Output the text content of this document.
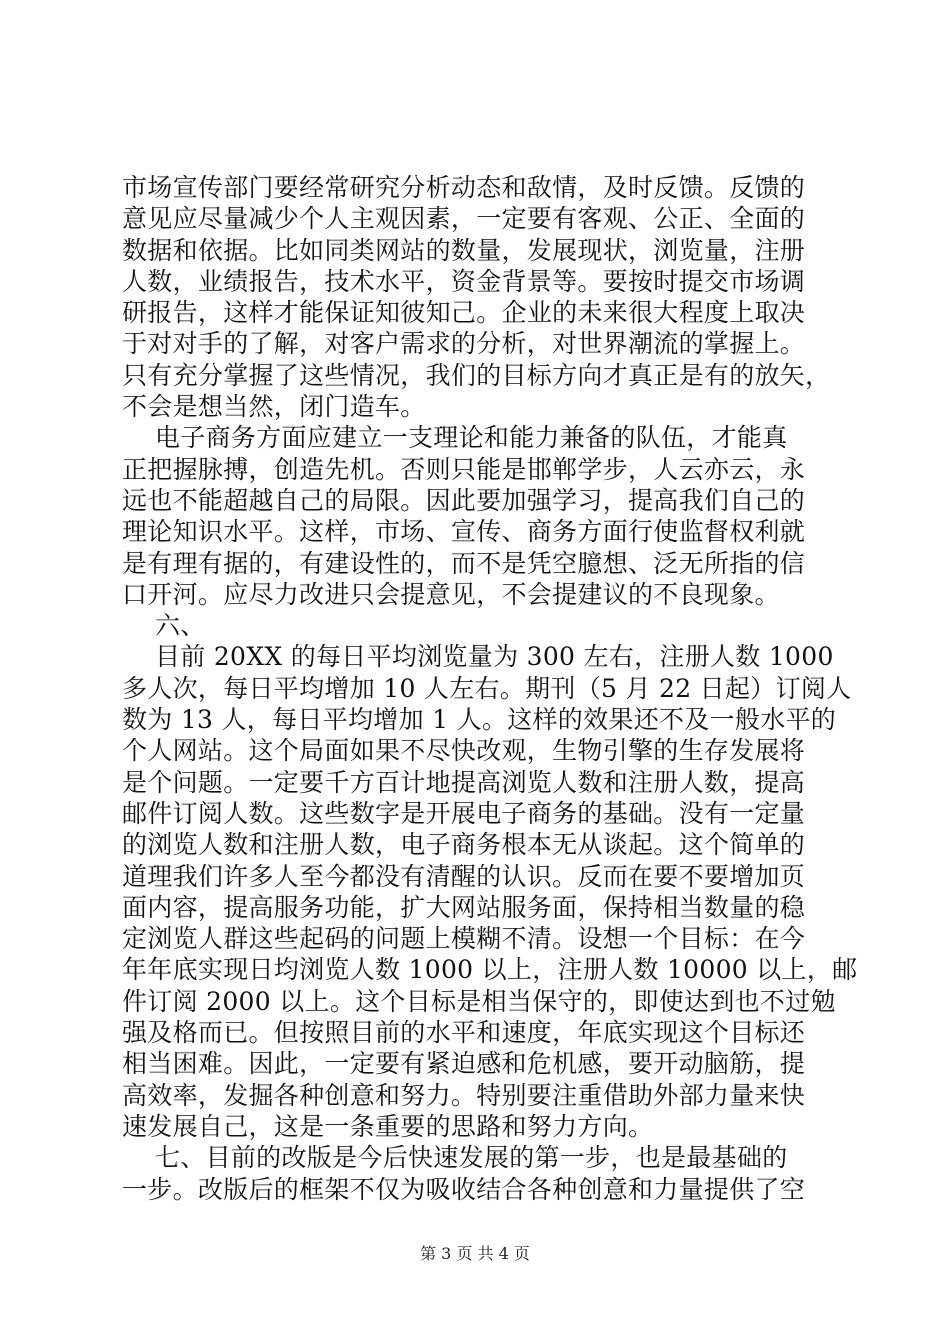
市场宣传部门要经常研究分析动态和敌情，及时反馈。反馈的
意见应尽量减少个人主观因素，一定要有客观、公正、全面的
数据和依据。比如同类网站的数量，发展现状，浏览量，注册
人数，业绩报告，技术水平，资金背景等。要按时提交市场调
研报告，这样才能保证知彼知己。企业的未来很大程度上取决
于对对手的了解，对客户需求的分析，对世界潮流的掌握上。
只有充分掌握了这些情况，我们的目标方向才真正是有的放矢，
不会是想当然，闭门造车。
电子商务方面应建立一支理论和能力兼备的队伍，才能真
正把握脉搏，创造先机。否则只能是邯郸学步，人云亦云，永
远也不能超越自己的局限。因此要加强学习，提高我们自己的
理论知识水平。这样，市场、宣传、商务方面行使监督权利就
是有理有据的，有建设性的，而不是凭空臆想、泛无所指的信
口开河。应尽力改进只会提意见，不会提建议的不良现象。
六、
目前 20XX 的每日平均浏览量为 300 左右，注册人数 1000
多人次，每日平均增加 10 人左右。期刊（5 月 22 日起）订阅人
数为 13 人，每日平均增加 1 人。这样的效果还不及一般水平的
个人网站。这个局面如果不尽快改观，生物引擎的生存发展将
是个问题。一定要千方百计地提高浏览人数和注册人数，提高
邮件订阅人数。这些数字是开展电子商务的基础。没有一定量
的浏览人数和注册人数，电子商务根本无从谈起。这个简单的
道理我们许多人至今都没有清醒的认识。反而在要不要增加页
面内容，提高服务功能，扩大网站服务面，保持相当数量的稳
定浏览人群这些起码的问题上模糊不清。设想一个目标：在今
年年底实现日均浏览人数 1000 以上，注册人数 10000 以上，邮
件订阅 2000 以上。这个目标是相当保守的，即使达到也不过勉
强及格而已。但按照目前的水平和速度，年底实现这个目标还
相当困难。因此，一定要有紧迫感和危机感，要开动脑筋，提
高效率，发掘各种创意和努力。特别要注重借助外部力量来快
速发展自己，这是一条重要的思路和努力方向。
七、目前的改版是今后快速发展的第一步，也是最基础的
一步。改版后的框架不仅为吸收结合各种创意和力量提供了空
第 3 页 共 4 页
